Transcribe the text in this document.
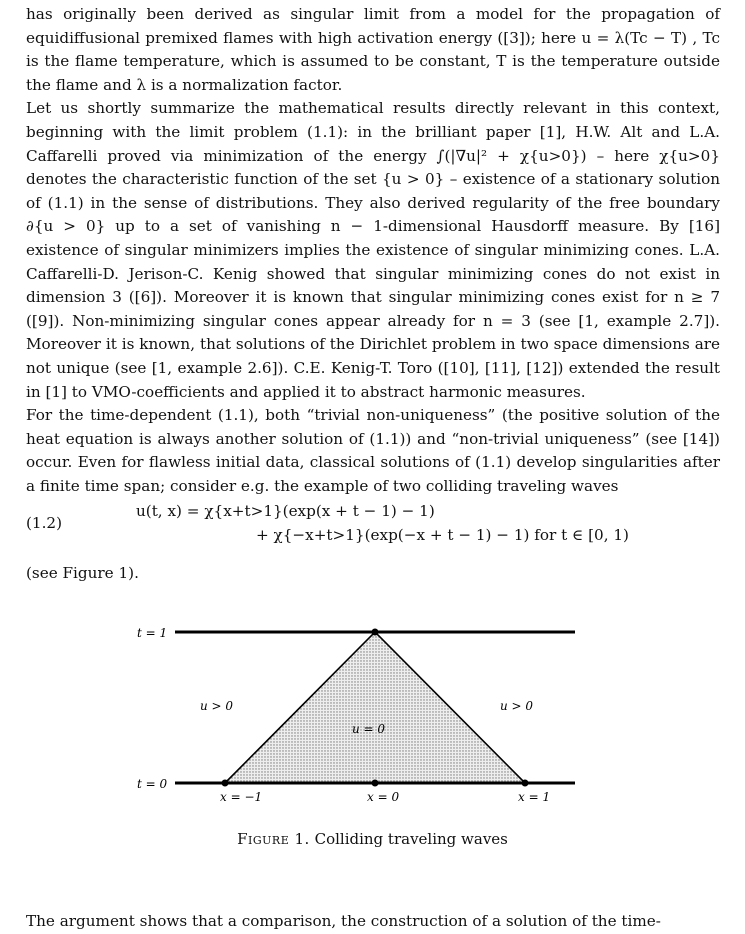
has originally been derived as singular limit from a model for the propagation of equidiffusional premixed flames with high activation energy ([3]); here u = λ(Tc − T) , Tc is the flame temperature, which is assumed to be constant, T is the temperature outside the flame and λ is a normalization factor.

Let us shortly summarize the mathematical results directly relevant in this context, beginning with the limit problem (1.1): in the brilliant paper [1], H.W. Alt and L.A. Caffarelli proved via minimization of the energy ∫(|∇u|² + χ{u>0}) – here χ{u>0} denotes the characteristic function of the set {u > 0} – existence of a stationary solution of (1.1) in the sense of distributions. They also derived regularity of the free boundary ∂{u > 0} up to a set of vanishing n − 1-dimensional Hausdorff measure. By [16] existence of singular minimizers implies the existence of singular minimizing cones. L.A. Caffarelli-D. Jerison-C. Kenig showed that singular minimizing cones do not exist in dimension 3 ([6]). Moreover it is known that singular minimizing cones exist for n ≥ 7 ([9]). Non-minimizing singular cones appear already for n = 3 (see [1, example 2.7]). Moreover it is known, that solutions of the Dirichlet problem in two space dimensions are not unique (see [1, example 2.6]). C.E. Kenig-T. Toro ([10], [11], [12]) extended the result in [1] to VMO-coefficients and applied it to abstract harmonic measures.

For the time-dependent (1.1), both “trivial non-uniqueness” (the positive solution of the heat equation is always another solution of (1.1)) and “non-trivial uniqueness” (see [14]) occur. Even for flawless initial data, classical solutions of (1.1) develop singularities after a finite time span; consider e.g. the example of two colliding traveling waves

(1.2)
u(t, x) = χ{x+t>1}(exp(x + t − 1) − 1)
+ χ{−x+t>1}(exp(−x + t − 1) − 1) for t ∈ [0, 1)

(see Figure 1).

t = 1
t = 0
u > 0	u > 0
u = 0
x = −1	x = 0	x = 1
Figure 1. Colliding traveling waves
The argument shows that a comparison, the construction of a solution of the time-
